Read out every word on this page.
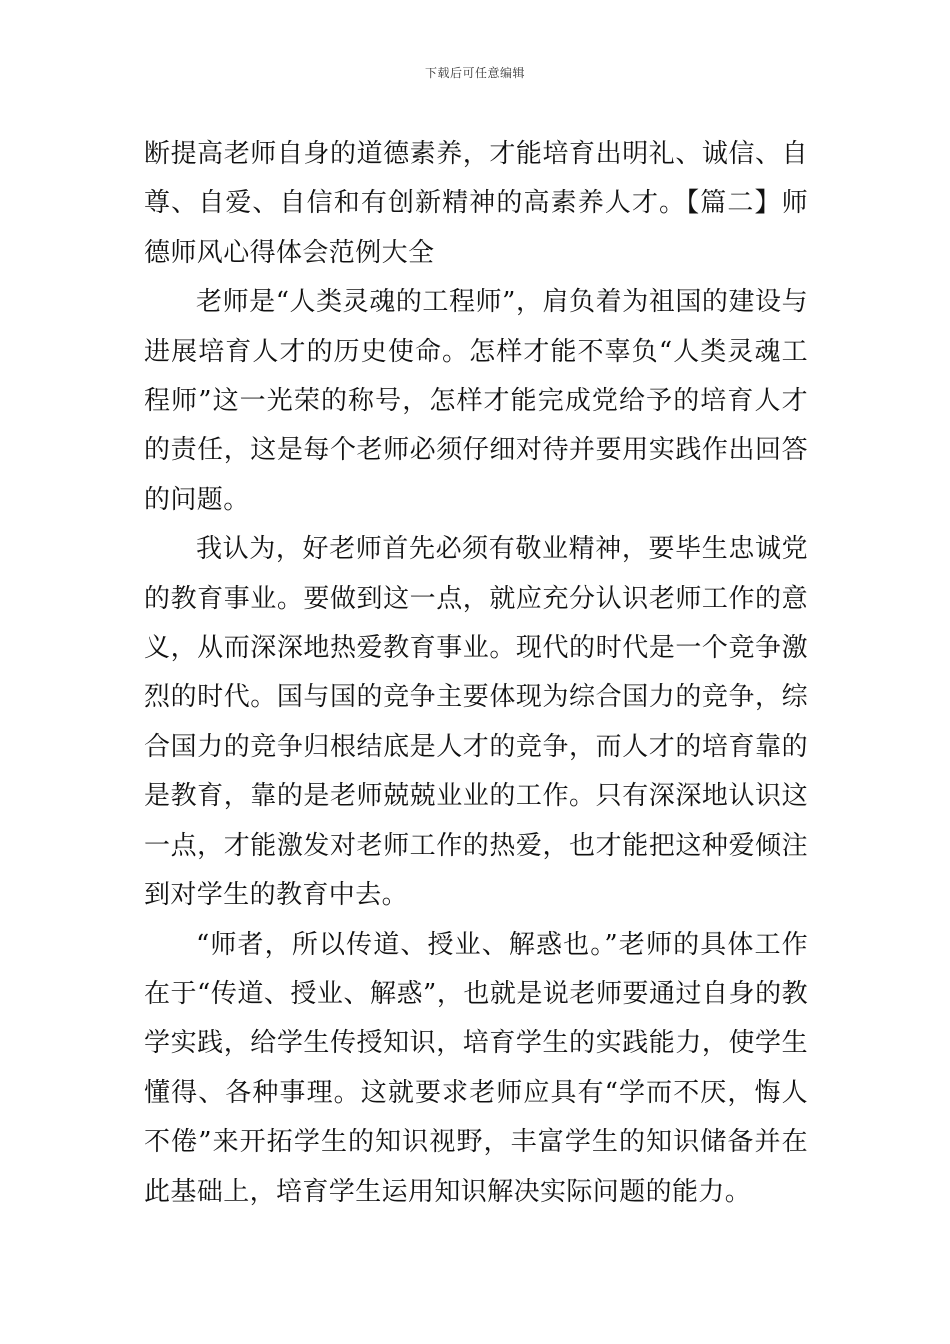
下载后可任意编辑

断提高老师自身的道德素养，才能培育出明礼、诚信、自尊、自爱、自信和有创新精神的高素养人才。【篇二】师德师风心得体会范例大全

老师是“人类灵魂的工程师”，肩负着为祖国的建设与进展培育人才的历史使命。怎样才能不辜负“人类灵魂工程师”这一光荣的称号，怎样才能完成党给予的培育人才的责任，这是每个老师必须仔细对待并要用实践作出回答的问题。

我认为，好老师首先必须有敬业精神，要毕生忠诚党的教育事业。要做到这一点，就应充分认识老师工作的意义，从而深深地热爱教育事业。现代的时代是一个竞争激烈的时代。国与国的竞争主要体现为综合国力的竞争，综合国力的竞争归根结底是人才的竞争，而人才的培育靠的是教育，靠的是老师兢兢业业的工作。只有深深地认识这一点，才能激发对老师工作的热爱，也才能把这种爱倾注到对学生的教育中去。

“师者，所以传道、授业、解惑也。”老师的具体工作在于“传道、授业、解惑”，也就是说老师要通过自身的教学实践，给学生传授知识，培育学生的实践能力，使学生懂得、各种事理。这就要求老师应具有“学而不厌，悔人不倦”来开拓学生的知识视野，丰富学生的知识储备并在此基础上，培育学生运用知识解决实际问题的能力。
